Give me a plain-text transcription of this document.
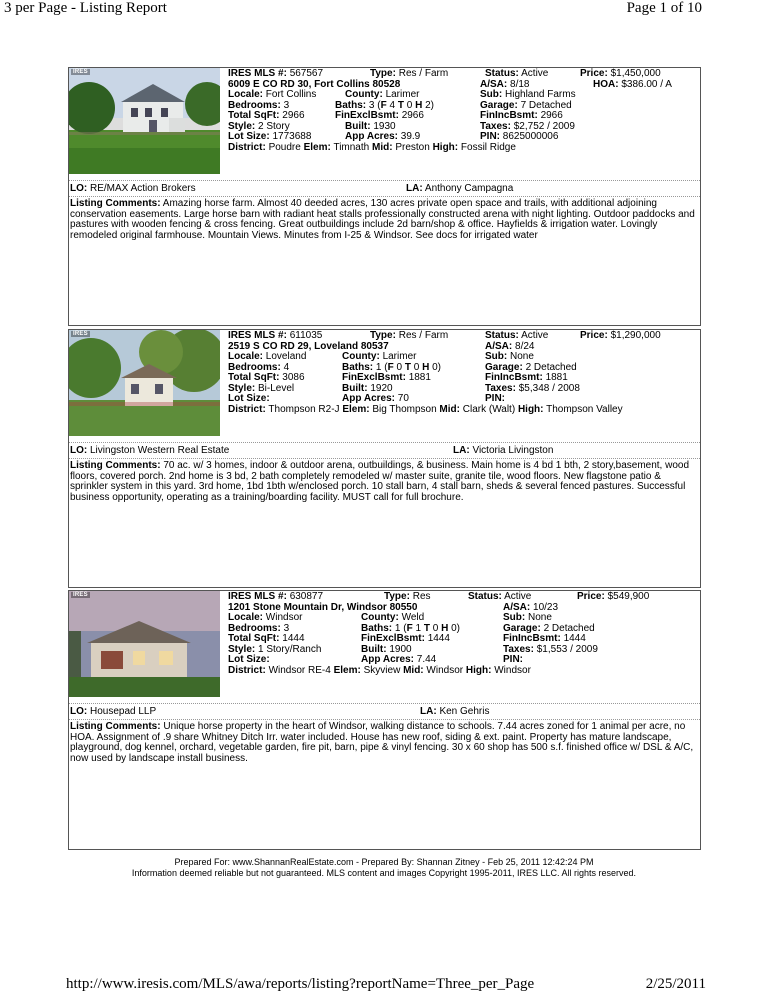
3 per Page - Listing Report	Page 1 of 10
IRES	IRES MLS #: 567567	Type: Res / Farm	Status: Active	Price: $1,450,000
6009 E CO RD 30, Fort Collins 80528	A/SA: 8/18	HOA: $386.00 / A
Locale: Fort Collins	County: Larimer	Sub: Highland Farms
Bedrooms: 3	Baths: 3 (F 4 T 0 H 2)	Garage: 7 Detached
Total SqFt: 2966	FinExclBsmt: 2966	FinIncBsmt: 2966
Style: 2 Story	Built: 1930	Taxes: $2,752 / 2009
Lot Size: 1773688	App Acres: 39.9	PIN: 8625000006
District: Poudre Elem: Timnath Mid: Preston High: Fossil Ridge
LO: RE/MAX Action Brokers	LA: Anthony Campagna
Listing Comments: Amazing horse farm. Almost 40 deeded acres, 130 acres private open space and trails, with additional adjoining conservation easements. Large horse barn with radiant heat stalls professionally constructed arena with night lighting. Outdoor paddocks and pastures with wooden fencing & cross fencing. Great outbuildings include 2d barn/shop & office. Hayfields & irrigation water. Lovingly remodeled original farmhouse. Mountain Views. Minutes from I-25 & Windsor. See docs for irrigated water
IRES	IRES MLS #: 611035	Type: Res / Farm	Status: Active	Price: $1,290,000
2519 S CO RD 29, Loveland 80537	A/SA: 8/24
Locale: Loveland	County: Larimer	Sub: None
Bedrooms: 4	Baths: 1 (F 0 T 0 H 0)	Garage: 2 Detached
Total SqFt: 3086	FinExclBsmt: 1881	FinIncBsmt: 1881
Style: Bi-Level	Built: 1920	Taxes: $5,348 / 2008
Lot Size:	App Acres: 70	PIN:
District: Thompson R2-J Elem: Big Thompson Mid: Clark (Walt) High: Thompson Valley
LO: Livingston Western Real Estate	LA: Victoria Livingston
Listing Comments: 70 ac. w/ 3 homes, indoor & outdoor arena, outbuildings, & business. Main home is 4 bd 1 bth, 2 story,basement, wood floors, covered porch. 2nd home is 3 bd, 2 bath completely remodeled w/ master suite, granite tile, wood floors. New flagstone patio & sprinkler system in this yard. 3rd home, 1bd 1bth w/enclosed porch. 10 stall barn, 4 stall barn, sheds & several fenced pastures. Successful business opportunity, operating as a training/boarding facility. MUST call for full brochure.
IRES	IRES MLS #: 630877	Type: Res	Status: Active	Price: $549,900
1201 Stone Mountain Dr, Windsor 80550	A/SA: 10/23
Locale: Windsor	County: Weld	Sub: None
Bedrooms: 3	Baths: 1 (F 1 T 0 H 0)	Garage: 2 Detached
Total SqFt: 1444	FinExclBsmt: 1444	FinIncBsmt: 1444
Style: 1 Story/Ranch	Built: 1900	Taxes: $1,553 / 2009
Lot Size:	App Acres: 7.44	PIN:
District: Windsor RE-4 Elem: Skyview Mid: Windsor High: Windsor
LO: Housepad LLP	LA: Ken Gehris
Listing Comments: Unique horse property in the heart of Windsor, walking distance to schools. 7.44 acres zoned for 1 animal per acre, no HOA. Assignment of .9 share Whitney Ditch Irr. water included. House has new roof, siding & ext. paint. Property has mature landscape, playground, dog kennel, orchard, vegetable garden, fire pit, barn, pipe & vinyl fencing. 30 x 60 shop has 500 s.f. finished office w/ DSL & A/C, now used by landscape install business.
Prepared For: www.ShannanRealEstate.com - Prepared By: Shannan Zitney - Feb 25, 2011 12:42:24 PM
Information deemed reliable but not guaranteed. MLS content and images Copyright 1995-2011, IRES LLC. All rights reserved.
http://www.iresis.com/MLS/awa/reports/listing?reportName=Three_per_Page	2/25/2011
